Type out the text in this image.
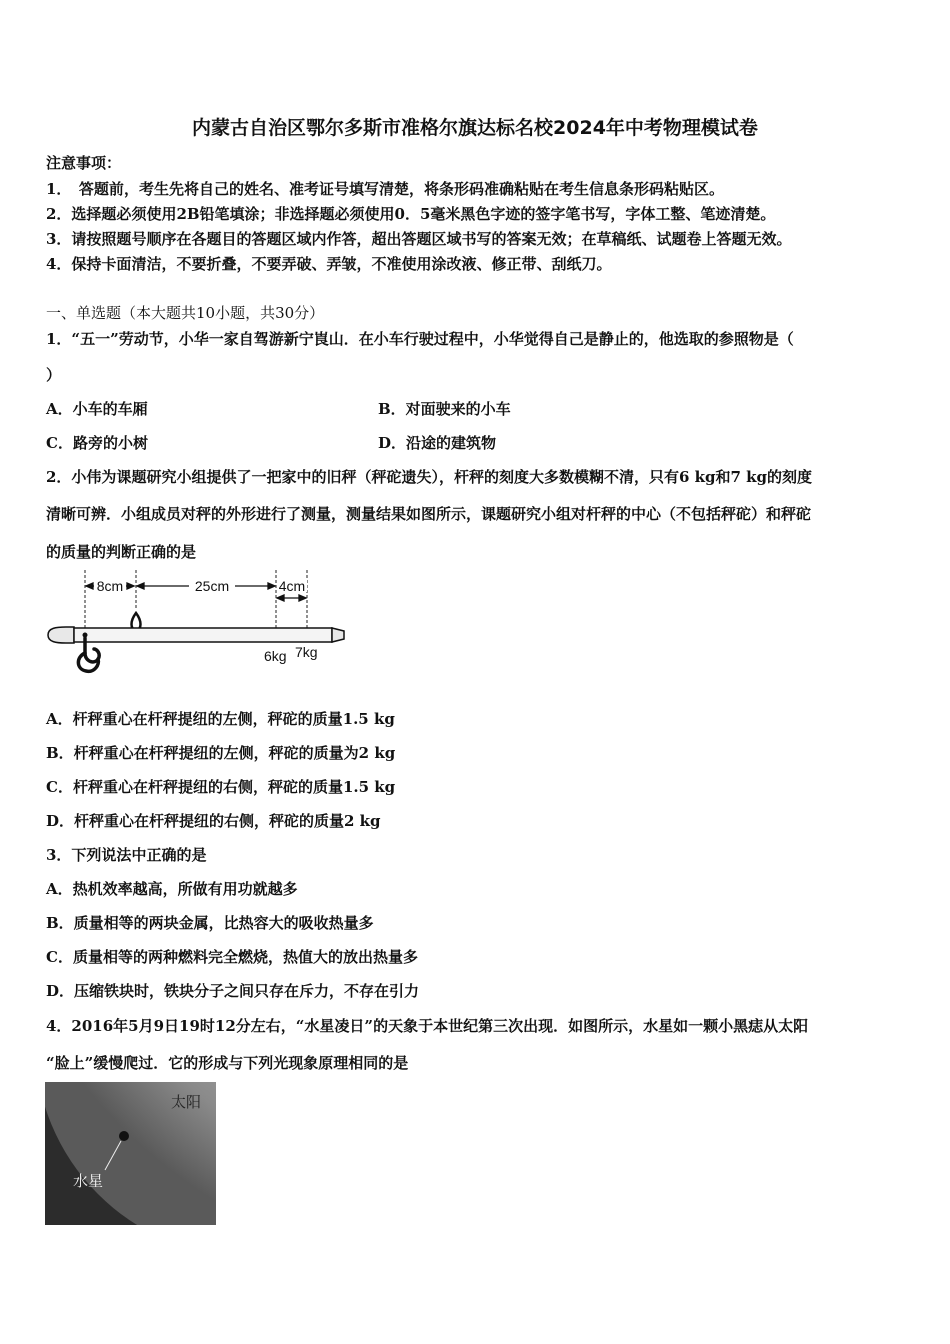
内蒙古自治区鄂尔多斯市准格尔旗达标名校2024年中考物理模试卷
注意事项：
1．　答题前，考生先将自己的姓名、准考证号填写清楚，将条形码准确粘贴在考生信息条形码粘贴区。
2．选择题必须使用2B铅笔填涂；非选择题必须使用0．5毫米黑色字迹的签字笔书写，字体工整、笔迹清楚。
3．请按照题号顺序在各题目的答题区域内作答，超出答题区域书写的答案无效；在草稿纸、试题卷上答题无效。
4．保持卡面清洁，不要折叠，不要弄破、弄皱，不准使用涂改液、修正带、刮纸刀。
一、单选题（本大题共10小题，共30分）
1．“五一”劳动节，小华一家自驾游新宁崀山．在小车行驶过程中，小华觉得自己是静止的，他选取的参照物是（
）
A．小车的车厢	B．对面驶来的小车
C．路旁的小树	D．沿途的建筑物
2．小伟为课题研究小组提供了一把家中的旧秤（秤砣遗失），杆秤的刻度大多数模糊不清，只有6 kg和7 kg的刻度
清晰可辨．小组成员对秤的外形进行了测量，测量结果如图所示，课题研究小组对杆秤的中心（不包括秤砣）和秤砣
的质量的判断正确的是
8cm	25cm	4cm
6kg 7kg
A．杆秤重心在杆秤提纽的左侧，秤砣的质量1.5 kg
B．杆秤重心在杆秤提纽的左侧，秤砣的质量为2 kg
C．杆秤重心在杆秤提纽的右侧，秤砣的质量1.5 kg
D．杆秤重心在杆秤提纽的右侧，秤砣的质量2 kg
3．下列说法中正确的是
A．热机效率越高，所做有用功就越多
B．质量相等的两块金属，比热容大的吸收热量多
C．质量相等的两种燃料完全燃烧，热值大的放出热量多
D．压缩铁块时，铁块分子之间只存在斥力，不存在引力
4．2016年5月9日19时12分左右，“水星凌日”的天象于本世纪第三次出现．如图所示，水星如一颗小黑痣从太阳
“脸上”缓慢爬过．它的形成与下列光现象原理相同的是
太阳
水星
